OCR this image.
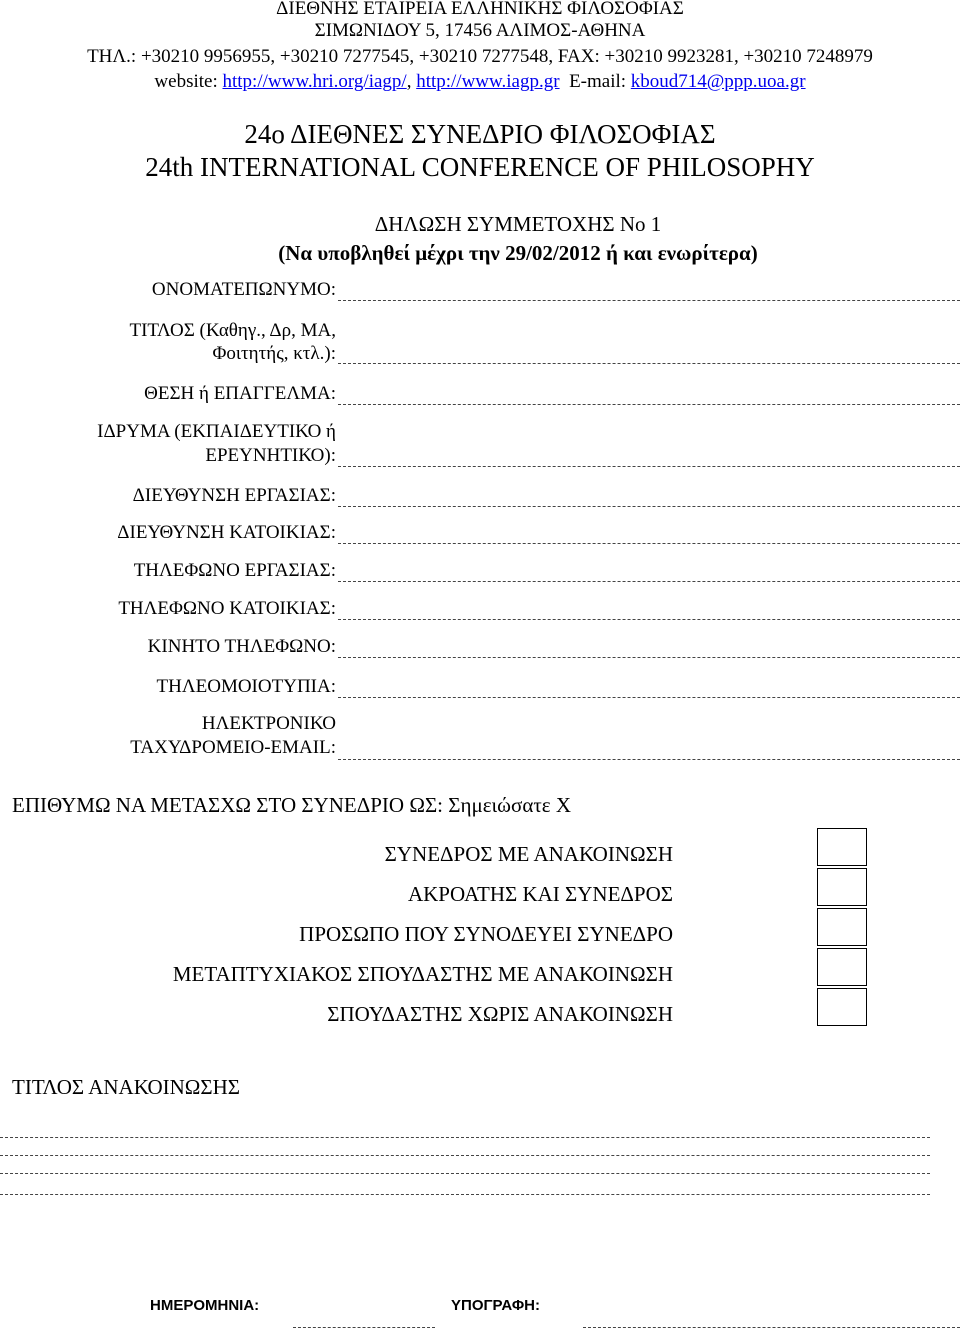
ΔΙΕΘΝΗΣ ΕΤΑΙΡΕΙΑ ΕΛΛΗΝΙΚΗΣ ΦΙΛΟΣΟΦΙΑΣ
ΣΙΜΩΝΙΔΟΥ 5, 17456 ΑΛΙΜΟΣ-ΑΘΗΝΑ
ΤΗΛ.: +30210 9956955, +30210 7277545, +30210 7277548, FAX: +30210 9923281, +30210 7248979
website: http://www.hri.org/iagp/, http://www.iagp.gr E-mail: kboud714@ppp.uoa.gr
24ο ΔΙΕΘΝΕΣ ΣΥΝΕΔΡΙΟ ΦΙΛΟΣΟΦΙΑΣ
24th INTERNATIONAL CONFERENCE OF PHILOSOPHY
ΔΗΛΩΣΗ ΣΥΜΜΕΤΟΧΗΣ Νο 1
(Να υποβληθεί μέχρι την 29/02/2012 ή και ενωρίτερα)
ΟΝΟΜΑΤΕΠΩΝΥΜΟ:
ΤΙΤΛΟΣ (Καθηγ., Δρ, ΜΑ,
Φοιτητής, κτλ.):
ΘΕΣΗ ή ΕΠΑΓΓΕΛΜΑ:
ΙΔΡΥΜΑ (ΕΚΠΑΙΔΕΥΤΙΚΟ ή
ΕΡΕΥΝΗΤΙΚΟ):
ΔΙΕΥΘΥΝΣΗ ΕΡΓΑΣΙΑΣ:
ΔΙΕΥΘΥΝΣΗ ΚΑΤΟΙΚΙΑΣ:
ΤΗΛΕΦΩΝΟ ΕΡΓΑΣΙΑΣ:
ΤΗΛΕΦΩΝΟ ΚΑΤΟΙΚΙΑΣ:
ΚΙΝΗΤΟ ΤΗΛΕΦΩΝΟ:
ΤΗΛΕΟΜΟΙΟΤΥΠΙΑ:
ΗΛΕΚΤΡΟΝΙΚΟ
ΤΑΧΥΔΡΟΜΕΙΟ-EMAIL:
ΕΠΙΘΥΜΩ ΝΑ ΜΕΤΑΣΧΩ ΣΤΟ ΣΥΝΕΔΡΙΟ ΩΣ: Σημειώσατε Χ
ΣΥΝΕΔΡΟΣ ΜΕ ΑΝΑΚΟΙΝΩΣΗ
ΑΚΡΟΑΤΗΣ ΚΑΙ ΣΥΝΕΔΡΟΣ
ΠΡΟΣΩΠΟ ΠΟΥ ΣΥΝΟΔΕΥΕΙ ΣΥΝΕΔΡΟ
ΜΕΤΑΠΤΥΧΙΑΚΟΣ ΣΠΟΥΔΑΣΤΗΣ ΜΕ ΑΝΑΚΟΙΝΩΣΗ
ΣΠΟΥΔΑΣΤΗΣ ΧΩΡΙΣ ΑΝΑΚΟΙΝΩΣΗ
ΤΙΤΛΟΣ ΑΝΑΚΟΙΝΩΣΗΣ
ΗΜΕΡΟΜΗΝΙΑ:	ΥΠΟΓΡΑΦΗ:
